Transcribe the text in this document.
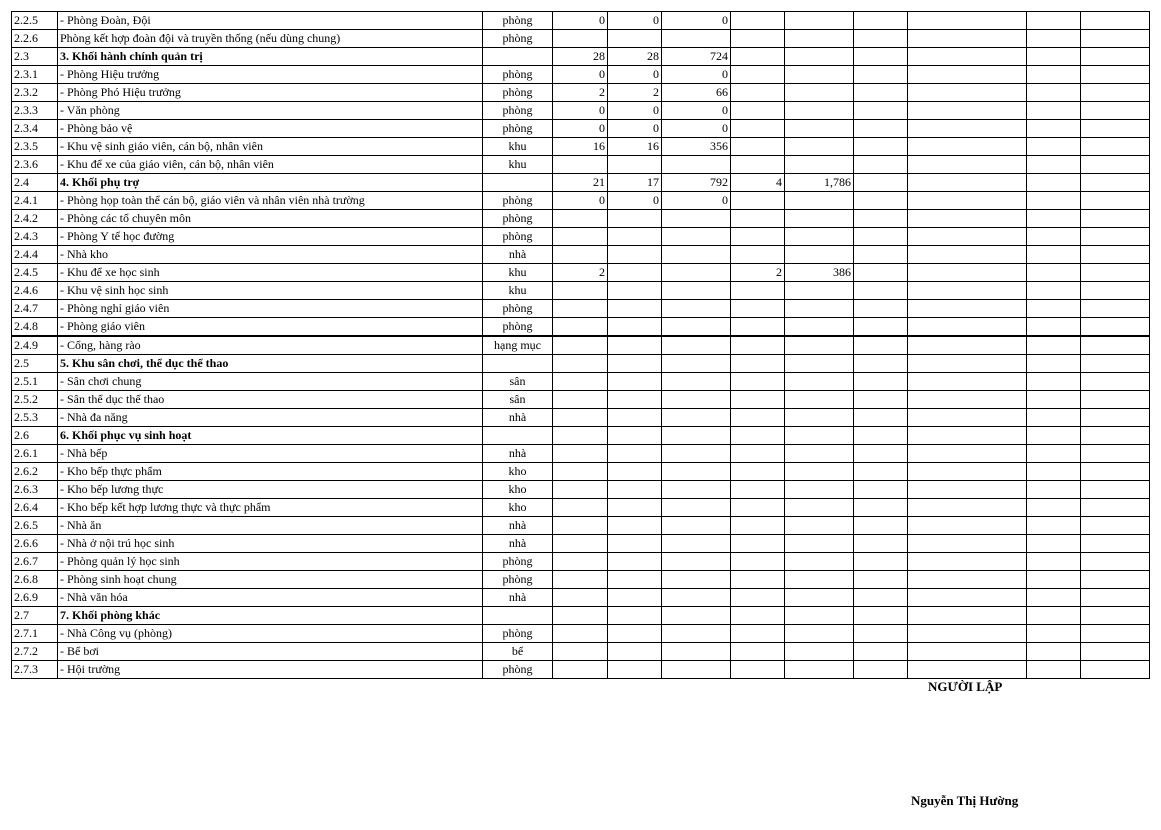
2.2.5	- Phòng Đoàn, Đội	phòng	0	0	0						
2.2.6	Phòng kết hợp đoàn đội và truyền thống (nếu dùng chung)	phòng									
2.3	3. Khối hành chính quản trị		28	28	724						
2.3.1	- Phòng Hiệu trưởng	phòng	0	0	0						
2.3.2	- Phòng Phó Hiệu trưởng	phòng	2	2	66						
2.3.3	- Văn phòng	phòng	0	0	0						
2.3.4	- Phòng bảo vệ	phòng	0	0	0						
2.3.5	- Khu vệ sinh giáo viên, cán bộ, nhân viên	khu	16	16	356						
2.3.6	- Khu để xe của giáo viên, cán bộ, nhân viên	khu									
2.4	4. Khối phụ trợ		21	17	792	4	1,786				
2.4.1	- Phòng họp toàn thể cán bộ, giáo viên và nhân viên nhà trường	phòng	0	0	0						
2.4.2	- Phòng các tổ chuyên môn	phòng									
2.4.3	- Phòng Y tế học đường	phòng									
2.4.4	- Nhà kho	nhà									
2.4.5	- Khu để xe học sinh	khu	2			2	386				
2.4.6	- Khu vệ sinh học sinh	khu									
2.4.7	- Phòng nghỉ giáo viên	phòng									
2.4.8	- Phòng giáo viên	phòng									
2.4.9	- Cổng, hàng rào	hạng mục									
2.5	5. Khu sân chơi, thể dục thể thao										
2.5.1	- Sân chơi chung	sân									
2.5.2	- Sân thể dục thể thao	sân									
2.5.3	- Nhà đa năng	nhà									
2.6	6. Khối phục vụ sinh hoạt										
2.6.1	- Nhà bếp	nhà									
2.6.2	- Kho bếp thực phẩm	kho									
2.6.3	- Kho bếp lương thực	kho									
2.6.4	- Kho bếp kết hợp lương thực và thực phẩm	kho									
2.6.5	- Nhà ăn	nhà									
2.6.6	- Nhà ở nội trú học sinh	nhà									
2.6.7	- Phòng quản lý học sinh	phòng									
2.6.8	- Phòng sinh hoạt chung	phòng									
2.6.9	- Nhà văn hóa	nhà									
2.7	7. Khối phòng khác										
2.7.1	- Nhà Công vụ (phòng)	phòng									
2.7.2	- Bể bơi	bể									
2.7.3	- Hội trường	phòng									
NGƯỜI LẬP
Nguyễn Thị Hường
